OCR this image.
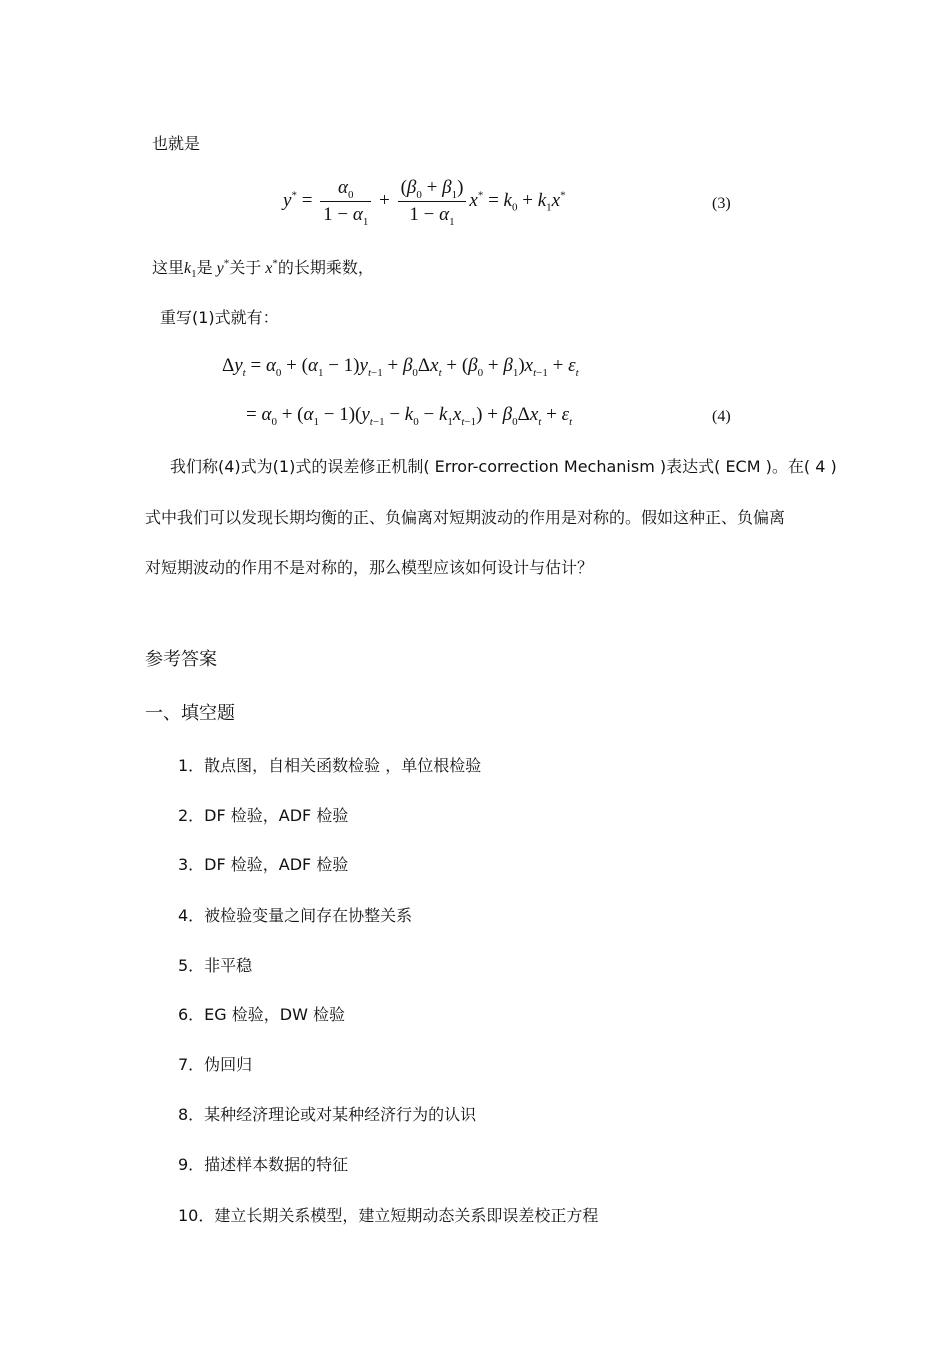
也就是
$y^* = \frac{\alpha_0}{1 - \alpha_1} + \frac{(\beta_0 + \beta_1)}{1 - \alpha_1} x^* = k_0 + k_1x^*$	(3)
这里$k_1$是 y*关于 x*的长期乘数，
重写(1)式就有：
$\Delta y_t = \alpha_0 + (\alpha_1 - 1)y_{t-1} + \beta_0\Delta x_t + (\beta_0 + \beta_1)x_{t-1} + \varepsilon_t$
= $\alpha_0 + (\alpha_1 - 1)(y_{t-1} - k_0 - k_1x_{t-1}) + \beta_0\Delta x_t + \varepsilon_t$	(4)
我们称(4)式为(1)式的误差修正机制( Error-correction Mechanism )表达式( ECM )。在( 4 )
式中我们可以发现长期均衡的正、负偏离对短期波动的作用是对称的。假如这种正、负偏离
对短期波动的作用不是对称的，那么模型应该如何设计与估计？
参考答案
一、填空题
1．散点图，自相关函数检验 ，单位根检验
2．DF 检验，ADF 检验
3．DF 检验，ADF 检验
4．被检验变量之间存在协整关系
5．非平稳
6．EG 检验，DW 检验
7．伪回归
8．某种经济理论或对某种经济行为的认识
9．描述样本数据的特征
10．建立长期关系模型，建立短期动态关系即误差校正方程
